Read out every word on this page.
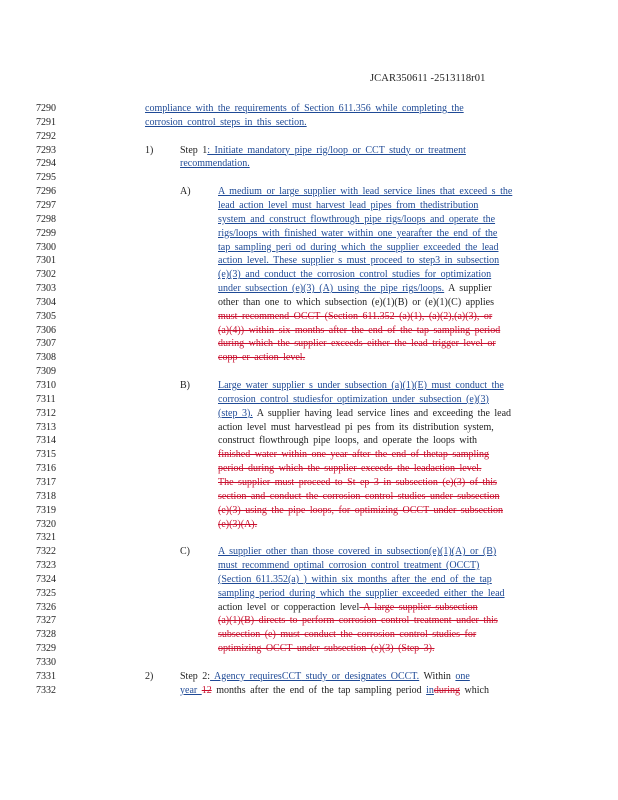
JCAR350611 -2513118r01
7290	compliance with the requirements of Section 611.356 while completing the
7291	corrosion control steps in this section.
7292
7293	1)	Step 1: Initiate mandatory pipe rig/loop or CCT study or treatment
7294	recommendation.
7295
7296	A)	A medium or large supplier with lead service lines that exceed s the
7297	lead action level must harvest lead pipes from thedistribution
7298	system and construct flowthrough pipe rigs/loops and operate the
7299	rigs/loops with finished water within one yearafter the end of the
7300	tap sampling peri od during which the supplier exceeded the lead
7301	action level. These supplier s must proceed to step3 in subsection
7302	(e)(3) and conduct the corrosion control studies for optimization
7303	under subsection (e)(3) (A) using the pipe rigs/loops. A supplier
7304	other than one to which subsection (e)(1)(B) or (e)(1)(C) applies
7305	must recommend OCCT (Section 611.352 (a)(1), (a)(2),(a)(3), or
7306	(a)(4)) within six months after the end of the tap sampling period
7307	during which the supplier exceeds either the lead trigger level or
7308	copp er action level.
7309
7310	B)	Large water supplier s under subsection (a)(1)(E) must conduct the
7311	corrosion control studiesfor optimization under subsection (e)(3)
7312	(step 3). A supplier having lead service lines and exceeding the lead
7313	action level must harvestlead pi pes from its distribution system,
7314	construct flowthrough pipe loops, and operate the loops with
7315	finished water within one year after the end of thetap sampling
7316	period during which the supplier exceeds the leadaction level.
7317	The supplier must proceed to St ep 3 in subsection (e)(3) of this
7318	section and conduct the corrosion control studies under subsection
7319	(e)(3) using the pipe loops, for optimizing OCCT under subsection
7320	(e)(3)(A).
7321
7322	C)	A supplier other than those covered in subsection(e)(1)(A) or (B)
7323	must recommend optimal corrosion control treatment (OCCT)
7324	(Section 611.352(a) ) within six months after the end of the tap
7325	sampling period during which the supplier exceeded either the lead
7326	action level or copperaction level A large supplier subsection
7327	(a)(1)(B) directs to perform corrosion control treatment under this
7328	subsection (e) must conduct the corrosion control studies for
7329	optimizing OCCT under subsection (e)(3) (Step 3).
7330
7331	2)	Step 2: Agency requiresCCT study or designates OCCT. Within one
7332	year 12 months after the end of the tap sampling period induring which
